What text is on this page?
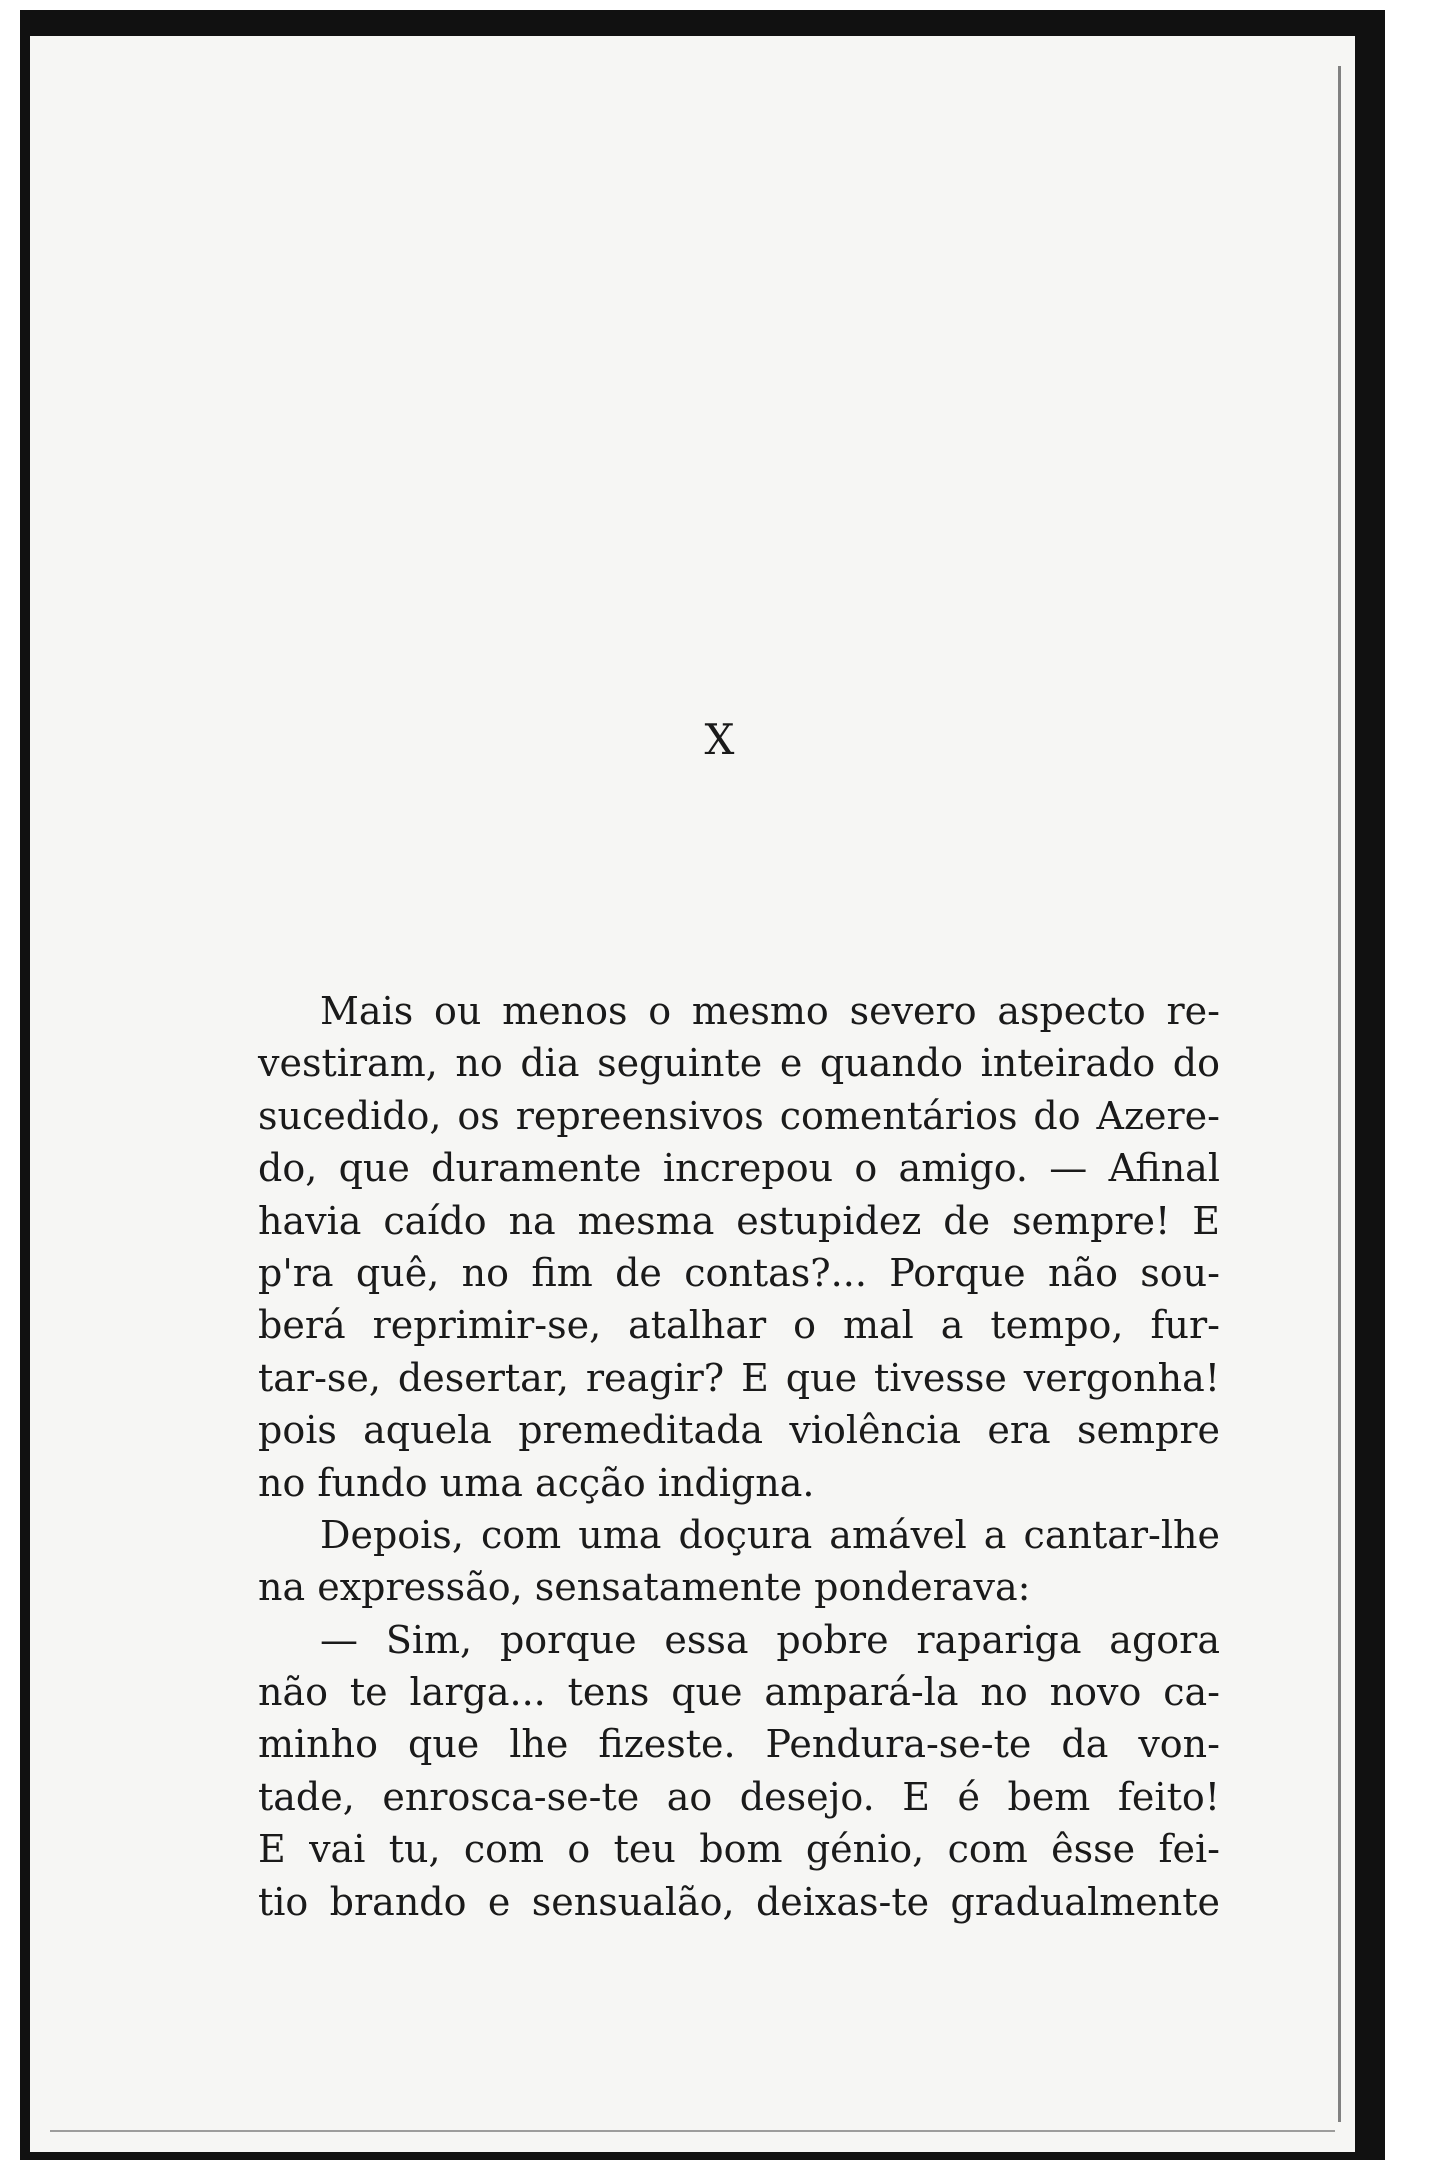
X
Mais ou menos o mesmo severo aspecto re-
vestiram, no dia seguinte e quando inteirado do
sucedido, os repreensivos comentários do Azere-
do, que duramente increpou o amigo. — Afinal
havia caído na mesma estupidez de sempre! E
p'ra quê, no fim de contas?... Porque não sou-
berá reprimir-se, atalhar o mal a tempo, fur-
tar-se, desertar, reagir? E que tivesse vergonha!
pois aquela premeditada violência era sempre
no fundo uma acção indigna.
Depois, com uma doçura amável a cantar-lhe
na expressão, sensatamente ponderava:
— Sim, porque essa pobre rapariga agora
não te larga... tens que ampará-la no novo ca-
minho que lhe fizeste. Pendura-se-te da von-
tade, enrosca-se-te ao desejo. E é bem feito!
E vai tu, com o teu bom génio, com êsse fei-
tio brando e sensualão, deixas-te gradualmente
